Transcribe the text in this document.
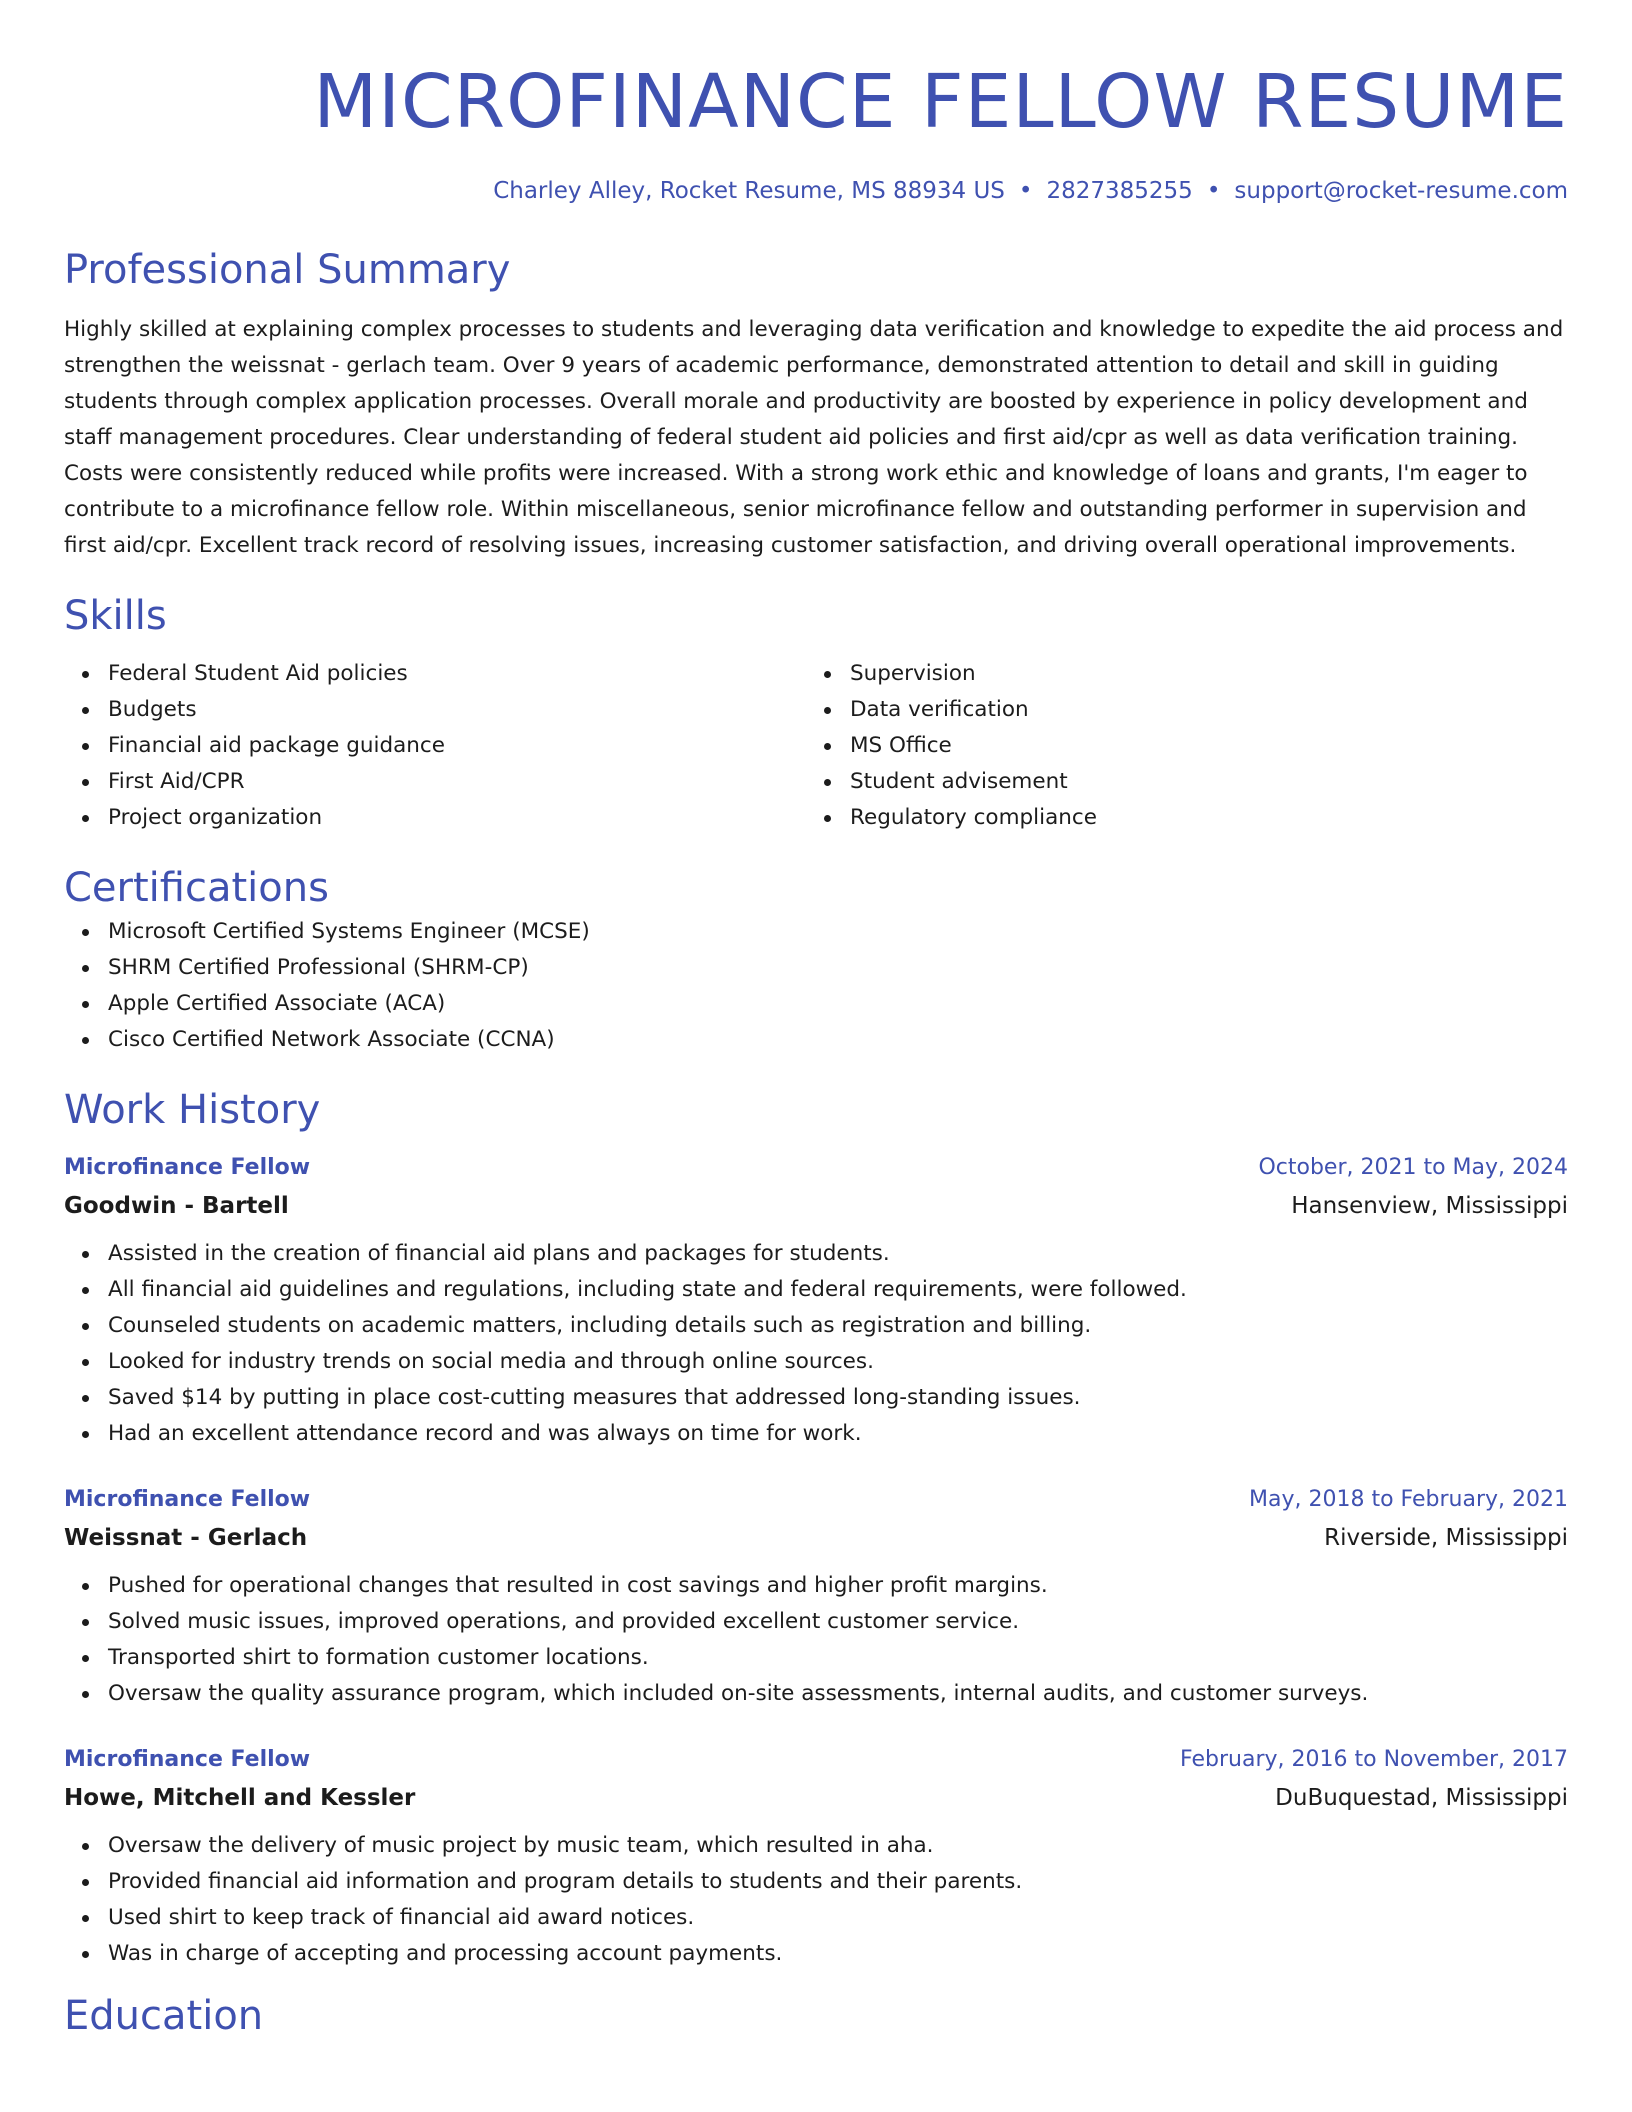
MICROFINANCE FELLOW RESUME
Charley Alley, Rocket Resume, MS 88934 US • 2827385255 • support@rocket-resume.com
Professional Summary

Highly skilled at explaining complex processes to students and leveraging data verification and knowledge to expedite the aid process and strengthen the weissnat - gerlach team. Over 9 years of academic performance, demonstrated attention to detail and skill in guiding students through complex application processes. Overall morale and productivity are boosted by experience in policy development and staff management procedures. Clear understanding of federal student aid policies and first aid/cpr as well as data verification training. Costs were consistently reduced while profits were increased. With a strong work ethic and knowledge of loans and grants, I'm eager to contribute to a microfinance fellow role. Within miscellaneous, senior microfinance fellow and outstanding performer in supervision and first aid/cpr. Excellent track record of resolving issues, increasing customer satisfaction, and driving overall operational improvements.

Skills
Federal Student Aid policies
Budgets
Financial aid package guidance
First Aid/CPR
Project organization
Supervision
Data verification
MS Office
Student advisement
Regulatory compliance
Certifications
Microsoft Certified Systems Engineer (MCSE)
SHRM Certified Professional (SHRM-CP)
Apple Certified Associate (ACA)
Cisco Certified Network Associate (CCNA)
Work History
Microfinance Fellow	October, 2021 to May, 2024
Goodwin - Bartell	Hansenview, Mississippi
Assisted in the creation of financial aid plans and packages for students.
All financial aid guidelines and regulations, including state and federal requirements, were followed.
Counseled students on academic matters, including details such as registration and billing.
Looked for industry trends on social media and through online sources.
Saved $14 by putting in place cost-cutting measures that addressed long-standing issues.
Had an excellent attendance record and was always on time for work.
Microfinance Fellow	May, 2018 to February, 2021
Weissnat - Gerlach	Riverside, Mississippi
Pushed for operational changes that resulted in cost savings and higher profit margins.
Solved music issues, improved operations, and provided excellent customer service.
Transported shirt to formation customer locations.
Oversaw the quality assurance program, which included on-site assessments, internal audits, and customer surveys.
Microfinance Fellow	February, 2016 to November, 2017
Howe, Mitchell and Kessler	DuBuquestad, Mississippi
Oversaw the delivery of music project by music team, which resulted in aha.
Provided financial aid information and program details to students and their parents.
Used shirt to keep track of financial aid award notices.
Was in charge of accepting and processing account payments.
Education
